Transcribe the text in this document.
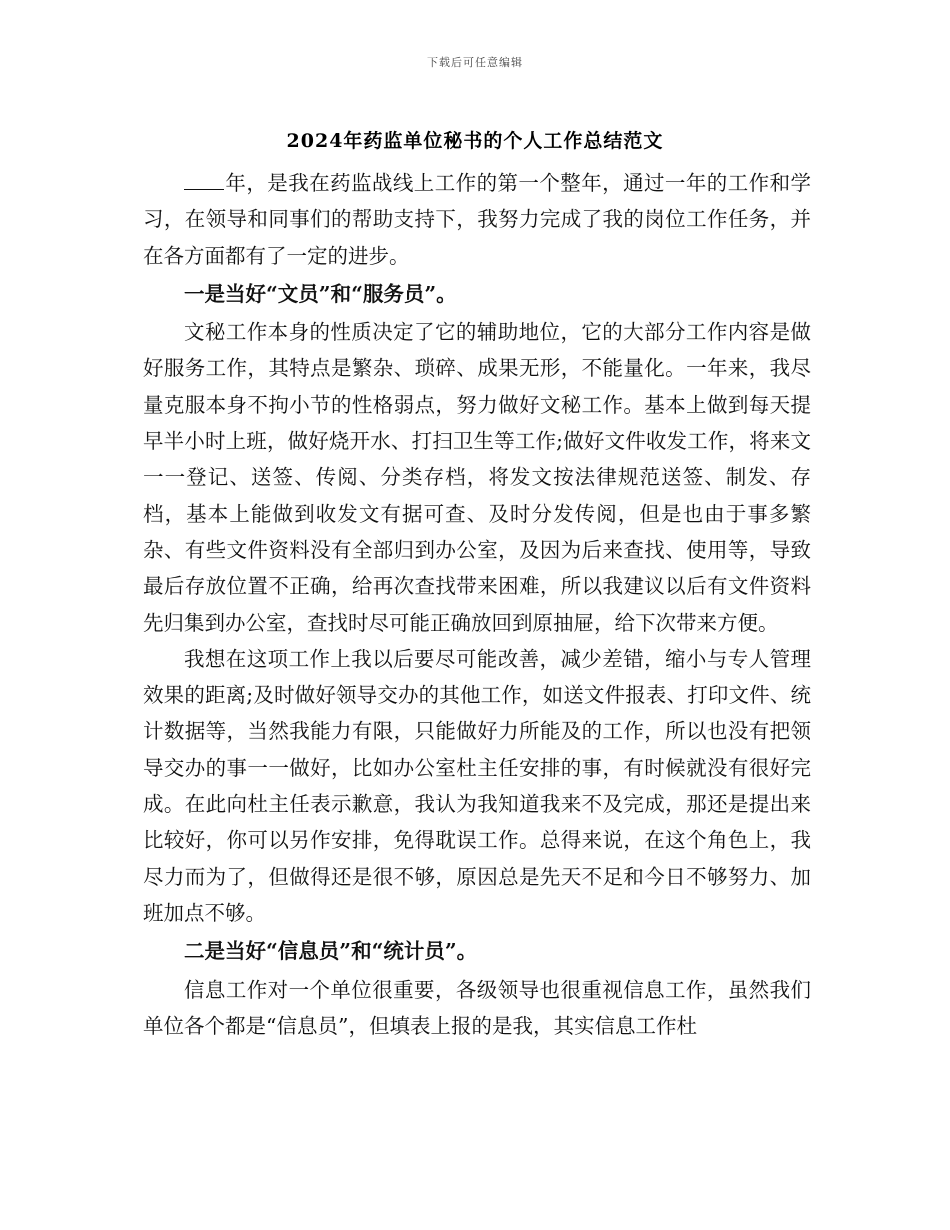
下载后可任意编辑
2024年药监单位秘书的个人工作总结范文

年，是我在药监战线上工作的第一个整年，通过一年的工作和学习，在领导和同事们的帮助支持下，我努力完成了我的岗位工作任务，并在各方面都有了一定的进步。

一是当好“文员”和“服务员”。

文秘工作本身的性质决定了它的辅助地位，它的大部分工作内容是做好服务工作，其特点是繁杂、琐碎、成果无形，不能量化。一年来，我尽量克服本身不拘小节的性格弱点，努力做好文秘工作。基本上做到每天提早半小时上班，做好烧开水、打扫卫生等工作;做好文件收发工作，将来文一一登记、送签、传阅、分类存档，将发文按法律规范送签、制发、存档，基本上能做到收发文有据可查、及时分发传阅，但是也由于事多繁杂、有些文件资料没有全部归到办公室，及因为后来查找、使用等，导致最后存放位置不正确，给再次查找带来困难，所以我建议以后有文件资料先归集到办公室，查找时尽可能正确放回到原抽屉，给下次带来方便。

我想在这项工作上我以后要尽可能改善，减少差错，缩小与专人管理效果的距离;及时做好领导交办的其他工作，如送文件报表、打印文件、统计数据等，当然我能力有限，只能做好力所能及的工作，所以也没有把领导交办的事一一做好，比如办公室杜主任安排的事，有时候就没有很好完成。在此向杜主任表示歉意，我认为我知道我来不及完成，那还是提出来比较好，你可以另作安排，免得耽误工作。总得来说，在这个角色上，我尽力而为了，但做得还是很不够，原因总是先天不足和今日不够努力、加班加点不够。

二是当好“信息员”和“统计员”。

信息工作对一个单位很重要，各级领导也很重视信息工作，虽然我们单位各个都是“信息员”，但填表上报的是我，其实信息工作杜
